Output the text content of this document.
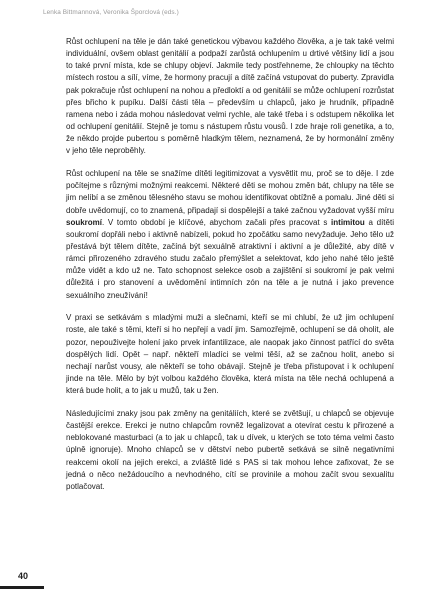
Lenka Bittmannová, Veronika Šporclová (eds.)

Růst ochlupení na těle je dán také genetickou výbavou každého člověka, a je tak také velmi individuální, ovšem oblast genitálií a podpaží zarůstá ochlupením u drtivé většiny lidí a jsou to také první místa, kde se chlupy objeví. Jakmile tedy postřehneme, že chloupky na těchto místech rostou a sílí, víme, že hormony pracují a dítě začíná vstupovat do puberty. Zpravidla pak pokračuje růst ochlupení na nohou a předloktí a od genitálií se může ochlupení rozrůstat přes břicho k pupíku. Další části těla – především u chlapců, jako je hrudník, případně ramena nebo i záda mohou následovat velmi rychle, ale také třeba i s odstupem několika let od ochlupení genitálií. Stejně je tomu s nástupem růstu vousů. I zde hraje roli genetika, a to, že někdo projde pubertou s poměrně hladkým tělem, neznamená, že by hormonální změny v jeho těle neproběhly.

Růst ochlupení na těle se snažíme dítěti legitimizovat a vysvětlit mu, proč se to děje. I zde počítejme s různými možnými reakcemi. Některé děti se mohou změn bát, chlupy na těle se jim nelíbí a se změnou tělesného stavu se mohou identifikovat obtížně a pomalu. Jiné děti si dobře uvědomují, co to znamená, připadají si dospělejší a také začnou vyžadovat vyšší míru soukromí. V tomto období je klíčové, abychom začali přes pracovat s intimitou a dítěti soukromí dopřáli nebo i aktivně nabízeli, pokud ho zpočátku samo nevyžaduje. Jeho tělo už přestává být tělem dítěte, začíná být sexuálně atraktivní i aktivní a je důležité, aby dítě v rámci přirozeného zdravého studu začalo přemýšlet a selektovat, kdo jeho nahé tělo ještě může vidět a kdo už ne. Tato schopnost selekce osob a zajištění si soukromí je pak velmi důležitá i pro stanovení a uvědomění intimních zón na těle a je nutná i jako prevence sexuálního zneužívání!

V praxi se setkávám s mladými muži a slečnami, kteří se mi chlubí, že už jim ochlupení roste, ale také s těmi, kteří si ho nepřejí a vadí jim. Samozřejmě, ochlupení se dá oholit, ale pozor, nepouživejte holení jako prvek infantilizace, ale naopak jako činnost patřící do světa dospělých lidí. Opět – např. někteří mladíci se velmi těší, až se začnou holit, anebo si nechají narůst vousy, ale někteří se toho obávají. Stejně je třeba přistupovat i k ochlupení jinde na těle. Mělo by být volbou každého člověka, která místa na těle nechá ochlupená a která bude holit, a to jak u mužů, tak u žen.

Následujícími znaky jsou pak změny na genitáliích, které se zvětšují, u chlapců se objevuje častější erekce. Erekci je nutno chlapcům rovněž legalizovat a otevírat cestu k přirozené a neblokované masturbaci (a to jak u chlapců, tak u dívek, u kterých se toto téma velmi často úplně ignoruje). Mnoho chlapců se v dětství nebo pubertě setkává se silně negativními reakcemi okolí na jejich erekci, a zvláště lidé s PAS si tak mohou lehce zafixovat, že se jedná o něco nežádoucího a nevhodného, cítí se provinile a mohou začít svou sexualitu potlačovat.

40
